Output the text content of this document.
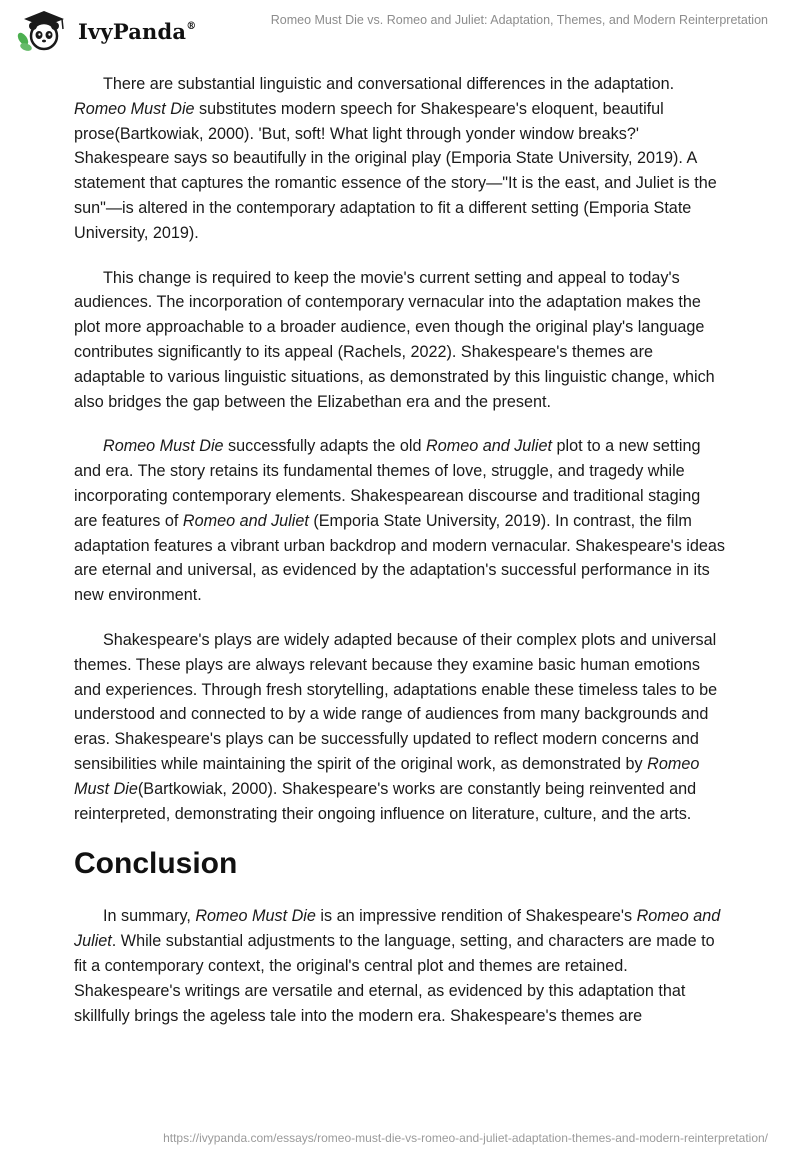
IvyPanda®	Romeo Must Die vs. Romeo and Juliet: Adaptation, Themes, and Modern Reinterpretation

There are substantial linguistic and conversational differences in the adaptation. Romeo Must Die substitutes modern speech for Shakespeare's eloquent, beautiful prose(Bartkowiak, 2000). 'But, soft! What light through yonder window breaks?' Shakespeare says so beautifully in the original play (Emporia State University, 2019). A statement that captures the romantic essence of the story—"It is the east, and Juliet is the sun"—is altered in the contemporary adaptation to fit a different setting (Emporia State University, 2019).

This change is required to keep the movie's current setting and appeal to today's audiences. The incorporation of contemporary vernacular into the adaptation makes the plot more approachable to a broader audience, even though the original play's language contributes significantly to its appeal (Rachels, 2022). Shakespeare's themes are adaptable to various linguistic situations, as demonstrated by this linguistic change, which also bridges the gap between the Elizabethan era and the present.

Romeo Must Die successfully adapts the old Romeo and Juliet plot to a new setting and era. The story retains its fundamental themes of love, struggle, and tragedy while incorporating contemporary elements. Shakespearean discourse and traditional staging are features of Romeo and Juliet (Emporia State University, 2019). In contrast, the film adaptation features a vibrant urban backdrop and modern vernacular. Shakespeare's ideas are eternal and universal, as evidenced by the adaptation's successful performance in its new environment.

Shakespeare's plays are widely adapted because of their complex plots and universal themes. These plays are always relevant because they examine basic human emotions and experiences. Through fresh storytelling, adaptations enable these timeless tales to be understood and connected to by a wide range of audiences from many backgrounds and eras. Shakespeare's plays can be successfully updated to reflect modern concerns and sensibilities while maintaining the spirit of the original work, as demonstrated by Romeo Must Die(Bartkowiak, 2000). Shakespeare's works are constantly being reinvented and reinterpreted, demonstrating their ongoing influence on literature, culture, and the arts.

Conclusion

In summary, Romeo Must Die is an impressive rendition of Shakespeare's Romeo and Juliet. While substantial adjustments to the language, setting, and characters are made to fit a contemporary context, the original's central plot and themes are retained. Shakespeare's writings are versatile and eternal, as evidenced by this adaptation that skillfully brings the ageless tale into the modern era. Shakespeare's themes are

https://ivypanda.com/essays/romeo-must-die-vs-romeo-and-juliet-adaptation-themes-and-modern-reinterpretation/
